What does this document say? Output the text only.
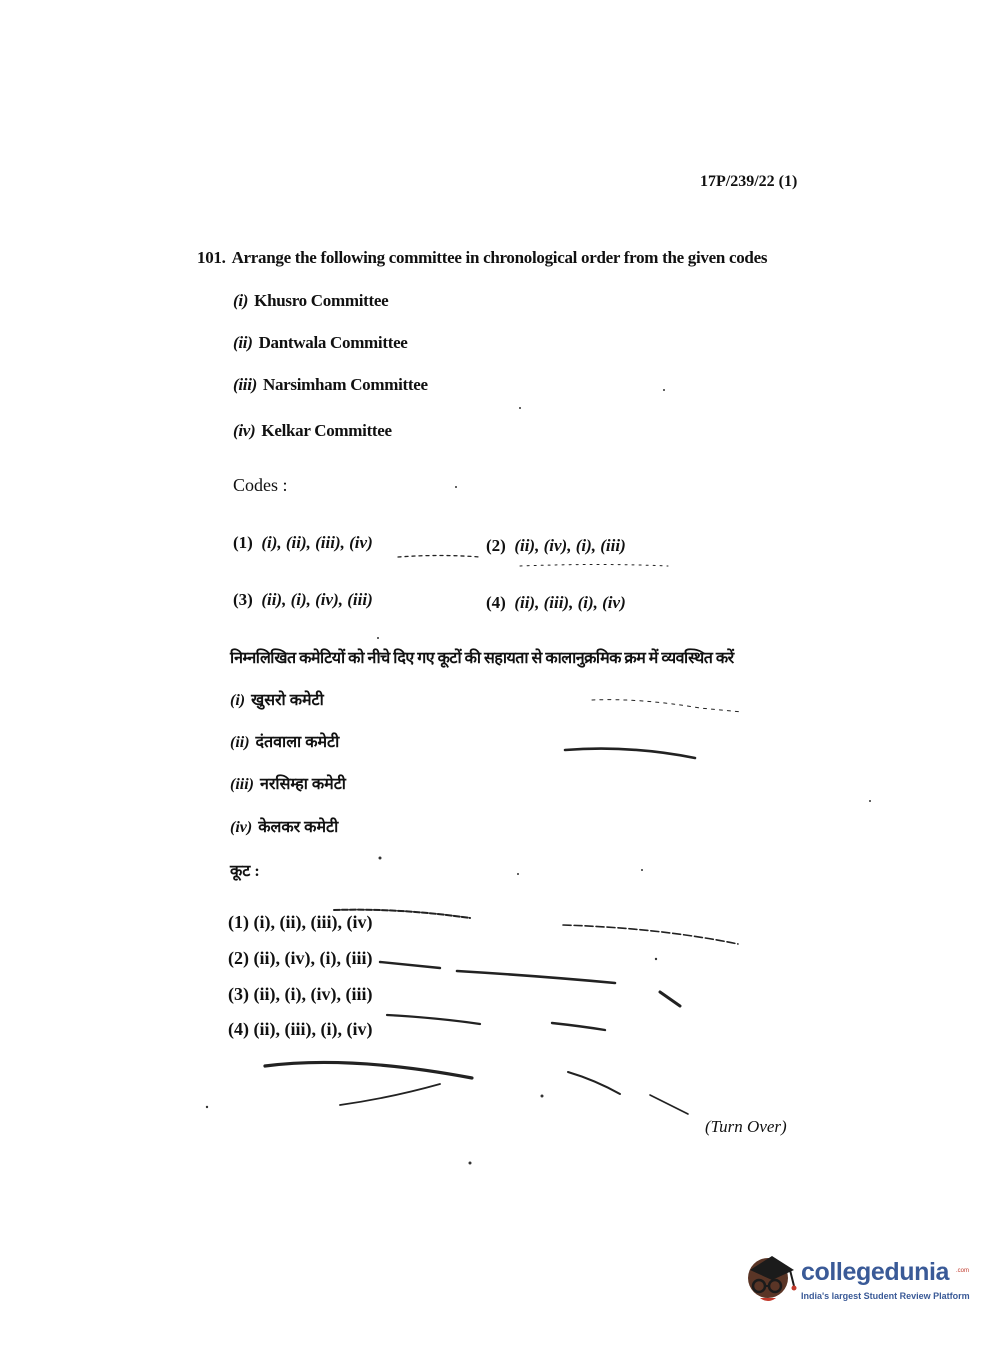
17P/239/22 (1)
101. Arrange the following committee in chronological order from the given codes
(i) Khusro Committee
(ii) Dantwala Committee
(iii) Narsimham Committee
(iv) Kelkar Committee
Codes :
(1) (i), (ii), (iii), (iv)	(2) (ii), (iv), (i), (iii)
(3) (ii), (i), (iv), (iii)	(4) (ii), (iii), (i), (iv)
निम्नलिखित कमेटियों को नीचे दिए गए कूटों की सहायता से कालानुक्रमिक क्रम में व्यवस्थित करें
(i) खुसरो कमेटी
(ii) दंतवाला कमेटी
(iii) नरसिम्हा कमेटी
(iv) केलकर कमेटी
कूट :
(1) (i), (ii), (iii), (iv)
(2) (ii), (iv), (i), (iii)
(3) (ii), (i), (iv), (iii)
(4) (ii), (iii), (i), (iv)
(Turn Over)
collegedunia .com
India's largest Student Review Platform
